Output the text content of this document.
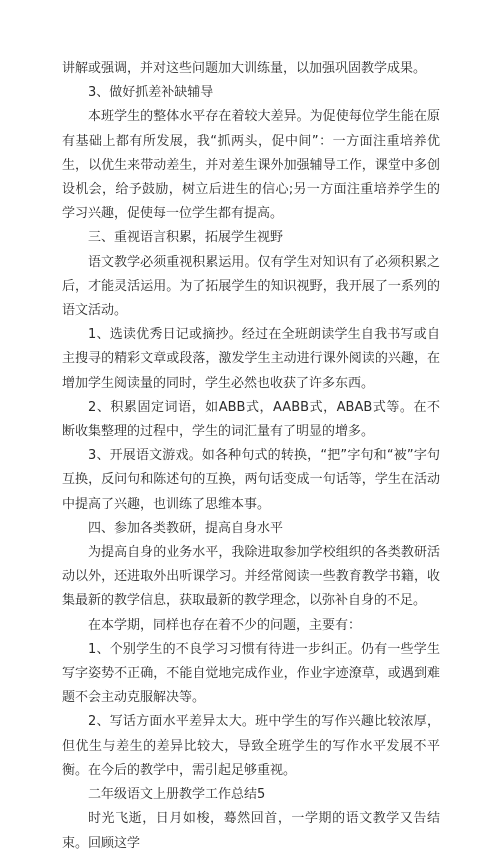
讲解或强调，并对这些问题加大训练量，以加强巩固教学成果。

3、做好抓差补缺辅导

本班学生的整体水平存在着较大差异。为促使每位学生能在原有基础上都有所发展，我“抓两头，促中间”：一方面注重培养优生，以优生来带动差生，并对差生课外加强辅导工作，课堂中多创设机会，给予鼓励，树立后进生的信心;另一方面注重培养学生的学习兴趣，促使每一位学生都有提高。

三、重视语言积累，拓展学生视野

语文教学必须重视积累运用。仅有学生对知识有了必须积累之后，才能灵活运用。为了拓展学生的知识视野，我开展了一系列的语文活动。

1、选读优秀日记或摘抄。经过在全班朗读学生自我书写或自主搜寻的精彩文章或段落，激发学生主动进行课外阅读的兴趣，在增加学生阅读量的同时，学生必然也收获了许多东西。

2、积累固定词语，如ABB式，AABB式，ABAB式等。在不断收集整理的过程中，学生的词汇量有了明显的增多。

3、开展语文游戏。如各种句式的转换，“把”字句和“被”字句互换，反问句和陈述句的互换，两句话变成一句话等，学生在活动中提高了兴趣，也训练了思维本事。

四、参加各类教研，提高自身水平

为提高自身的业务水平，我除进取参加学校组织的各类教研活动以外，还进取外出听课学习。并经常阅读一些教育教学书籍，收集最新的教学信息，获取最新的教学理念，以弥补自身的不足。

在本学期，同样也存在着不少的问题，主要有：

1、个别学生的不良学习习惯有待进一步纠正。仍有一些学生写字姿势不正确，不能自觉地完成作业，作业字迹潦草，或遇到难题不会主动克服解决等。

2、写话方面水平差异太大。班中学生的写作兴趣比较浓厚，但优生与差生的差异比较大，导致全班学生的写作水平发展不平衡。在今后的教学中，需引起足够重视。

二年级语文上册教学工作总结5

时光飞逝，日月如梭，蓦然回首，一学期的语文教学又告结束。回顾这学
